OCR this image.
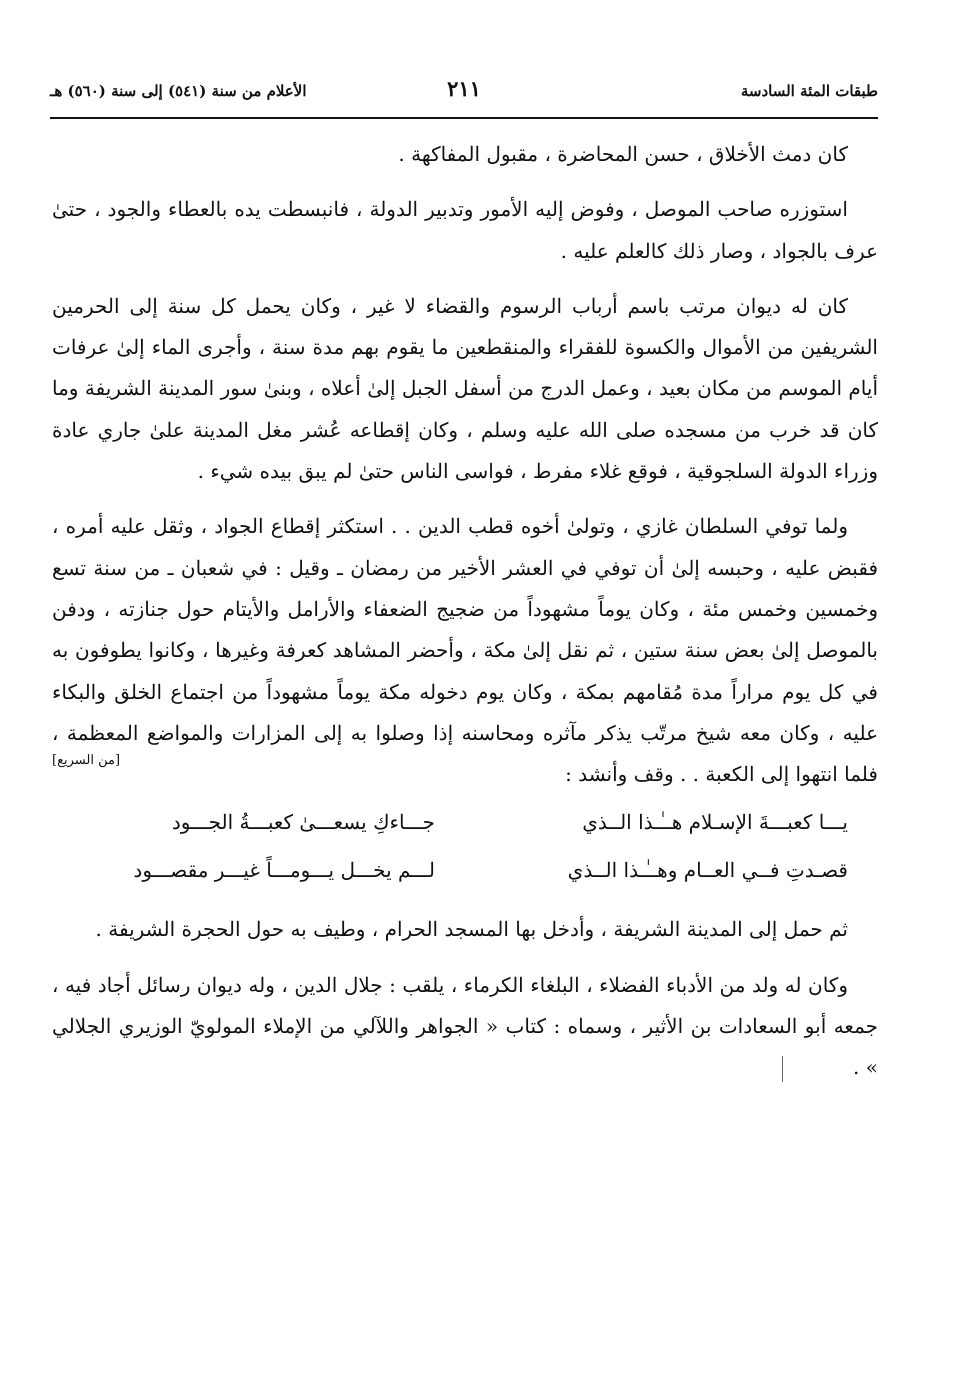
طبقات المئة السادسة
٢١١
الأعلام من سنة (٥٤١) إلى سنة (٥٦٠) هـ

كان دمث الأخلاق ، حسن المحاضرة ، مقبول المفاكهة .

استوزره صاحب الموصل ، وفوض إليه الأمور وتدبير الدولة ، فانبسطت يده بالعطاء والجود ، حتىٰ عرف بالجواد ، وصار ذلك كالعلم عليه .

كان له ديوان مرتب باسم أرباب الرسوم والقضاء لا غير ، وكان يحمل كل سنة إلى الحرمين الشريفين من الأموال والكسوة للفقراء والمنقطعين ما يقوم بهم مدة سنة ، وأجرى الماء إلىٰ عرفات أيام الموسم من مكان بعيد ، وعمل الدرج من أسفل الجبل إلىٰ أعلاه ، وبنىٰ سور المدينة الشريفة وما كان قد خرب من مسجده صلى الله عليه وسلم ، وكان إقطاعه عُشر مغل المدينة علىٰ جاري عادة وزراء الدولة السلجوقية ، فوقع غلاء مفرط ، فواسى الناس حتىٰ لم يبق بيده شيء .

ولما توفي السلطان غازي ، وتولىٰ أخوه قطب الدين . . استكثر إقطاع الجواد ، وثقل عليه أمره ، فقبض عليه ، وحبسه إلىٰ أن توفي في العشر الأخير من رمضان ـ وقيل : في شعبان ـ من سنة تسع وخمسين وخمس مئة ، وكان يوماً مشهوداً من ضجيج الضعفاء والأرامل والأيتام حول جنازته ، ودفن بالموصل إلىٰ بعض سنة ستين ، ثم نقل إلىٰ مكة ، وأحضر المشاهد كعرفة وغيرها ، وكانوا يطوفون به في كل يوم مراراً مدة مُقامهم بمكة ، وكان يوم دخوله مكة يوماً مشهوداً من اجتماع الخلق والبكاء عليه ، وكان معه شيخ مرتّب يذكر مآثره ومحاسنه إذا وصلوا به إلى المزارات والمواضع المعظمة ، فلما انتهوا إلى الكعبة . . وقف وأنشد :

[من السريع]
يـــا كعبـــةَ الإسـلام هــٰـذا الــذي
جـــاءكِ يسعـــىٰ كعبـــةُ الجـــود
قصـدتِ فــي العــام وهــٰـذا الــذي
لـــم يخـــل يـــومـــاً غيـــر مقصـــود

ثم حمل إلى المدينة الشريفة ، وأدخل بها المسجد الحرام ، وطيف به حول الحجرة الشريفة .

وكان له ولد من الأدباء الفضلاء ، البلغاء الكرماء ، يلقب : جلال الدين ، وله ديوان رسائل أجاد فيه ، جمعه أبو السعادات بن الأثير ، وسماه : كتاب « الجواهر واللآلي من الإملاء المولويّ الوزيري الجلالي » .
